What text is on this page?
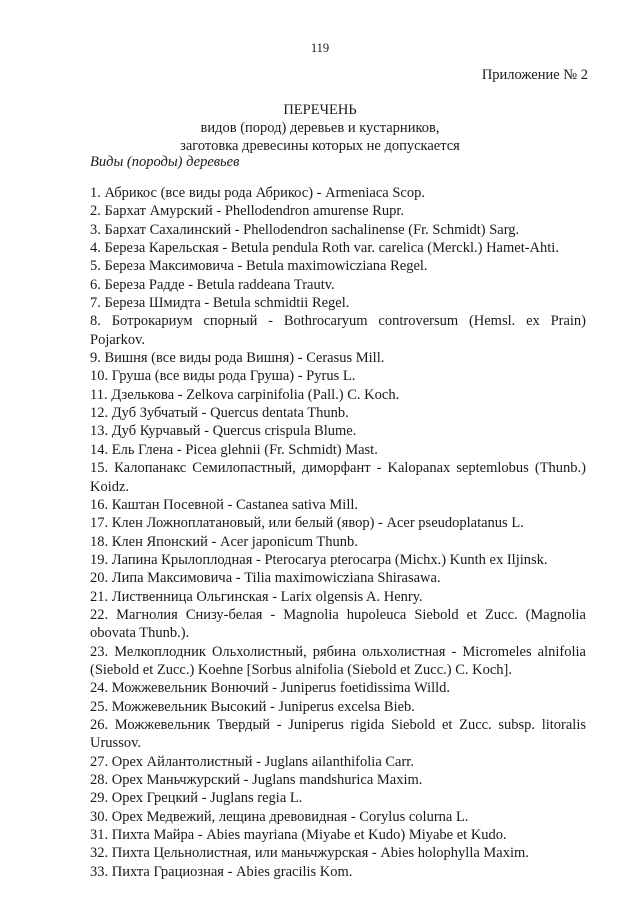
119
Приложение № 2
ПЕРЕЧЕНЬ
видов (пород) деревьев и кустарников,
заготовка древесины которых не допускается
Виды (породы) деревьев
1. Абрикос (все виды рода Абрикос) - Armeniaca Scop.
2. Бархат Амурский - Phellodendron amurense Rupr.
3. Бархат Сахалинский - Phellodendron sachalinense (Fr. Schmidt) Sarg.
4. Береза Карельская - Betula pendula Roth var. carelica (Merckl.) Hamet-Ahti.
5. Береза Максимовича - Betula maximowicziana Regel.
6. Береза Радде - Betula raddeana Trautv.
7. Береза Шмидта - Betula schmidtii Regel.
8. Ботрокариум спорный - Bothrocaryum controversum (Hemsl. ex Prain) Pojarkov.
9. Вишня (все виды рода Вишня) - Cerasus Mill.
10. Груша (все виды рода Груша) - Pyrus L.
11. Дзелькова - Zelkova carpinifolia (Pall.) C. Koch.
12. Дуб Зубчатый - Quercus dentata Thunb.
13. Дуб Курчавый - Quercus crispula Blume.
14. Ель Глена - Picea glehnii (Fr. Schmidt) Mast.
15. Калопанакс Семилопастный, диморфант - Kalopanax septemlobus (Thunb.) Koidz.
16. Каштан Посевной - Castanea sativa Mill.
17. Клен Ложноплатановый, или белый (явор) - Acer pseudoplatanus L.
18. Клен Японский - Acer japonicum Thunb.
19. Лапина Крылоплодная - Pterocarya pterocarpa (Michx.) Kunth ex Iljinsk.
20. Липа Максимовича - Tilia maximowicziana Shirasawa.
21. Лиственница Ольгинская - Larix olgensis A. Henry.
22. Магнолия Снизу-белая - Magnolia hupoleuca Siebold et Zucc. (Magnolia obovata Thunb.).
23. Мелкоплодник Ольхолистный, рябина ольхолистная - Micromeles alnifolia (Siebold et Zucc.) Koehne [Sorbus alnifolia (Siebold et Zucc.) C. Koch].
24. Можжевельник Вонючий - Juniperus foetidissima Willd.
25. Можжевельник Высокий - Juniperus excelsa Bieb.
26. Можжевельник Твердый - Juniperus rigida Siebold et Zucc. subsp. litoralis Urussov.
27. Орех Айлантолистный - Juglans ailanthifolia Carr.
28. Орех Маньчжурский - Juglans mandshurica Maxim.
29. Орех Грецкий - Juglans regia L.
30. Орех Медвежий, лещина древовидная - Corylus colurna L.
31. Пихта Майра - Abies mayriana (Miyabe et Kudo) Miyabe et Kudo.
32. Пихта Цельнолистная, или маньчжурская - Abies holophylla Maxim.
33. Пихта Грациозная - Abies gracilis Kom.
